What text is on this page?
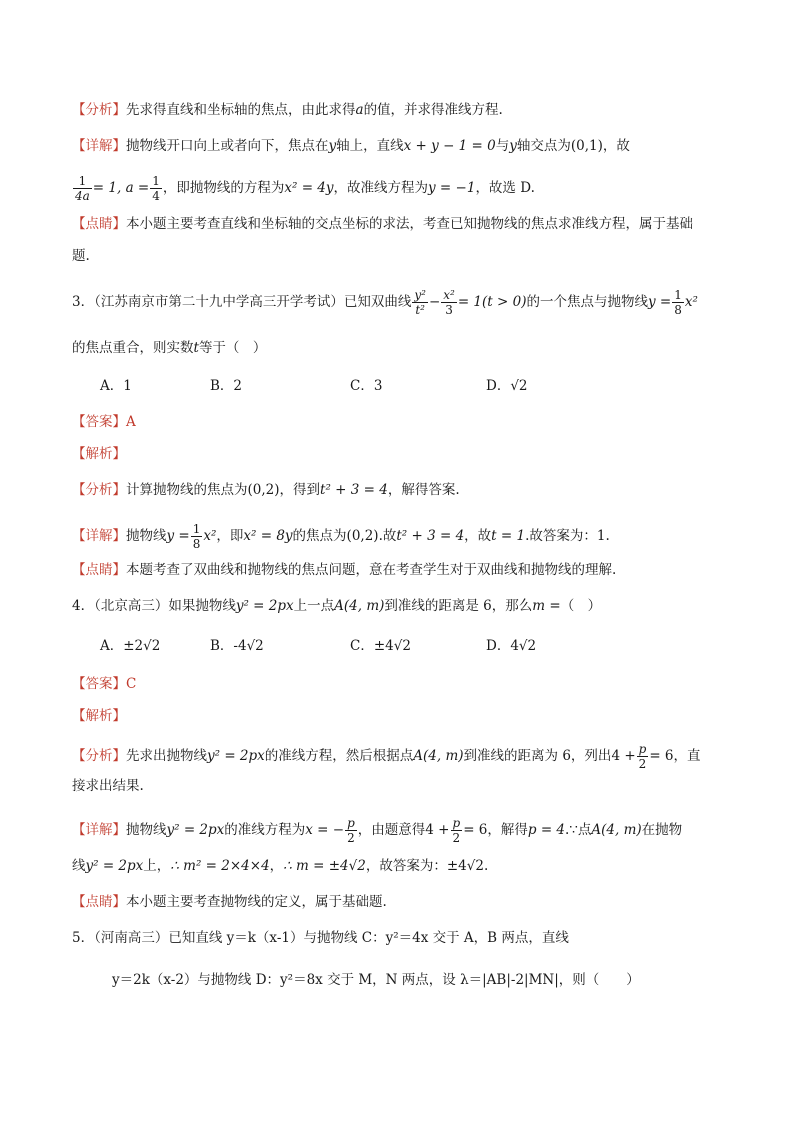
【分析】先求得直线和坐标轴的焦点，由此求得a的值，并求得准线方程.
【详解】抛物线开口向上或者向下，焦点在y轴上，直线x + y − 1 = 0与y轴交点为(0,1)，故
$\frac{1}{4a} = 1$, $a = \frac{1}{4}$ ，即抛物线的方程为x² = 4y，故准线方程为y = −1，故选 D.
【点睛】本小题主要考查直线和坐标轴的交点坐标的求法，考查已知抛物线的焦点求准线方程，属于基础
题.
3．（江苏南京市第二十九中学高三开学考试）已知双曲线 $\frac{\text{y²}}{\text{t²}} - \frac{\text{x²}}{3} = 1(t > 0)$的一个焦点与抛物线$y = \frac{1}{8} x^2$
的焦点重合，则实数t等于（　）
A．1	B．2	C．3	D．√2
【答案】A
【解析】
【分析】计算抛物线的焦点为(0,2)，得到t² + 3 = 4，解得答案.
【详解】抛物线$y = \frac{1}{8} x^2$，即x² = 8y的焦点为(0,2).故t² + 3 = 4，故t = 1.故答案为：1.
【点睛】本题考查了双曲线和抛物线的焦点问题，意在考查学生对于双曲线和抛物线的理解.
4．（北京高三）如果抛物线y² = 2px上一点A(4, m)到准线的距离是 6，那么m =（　）
A．±2√2	B．-4√2	C．±4√2	D．4√2
【答案】C
【解析】
【分析】先求出抛物线y² = 2px的准线方程，然后根据点A(4, m)到准线的距离为 6，列出$4 + \frac{p}{2} = 6$，直
接求出结果.
【详解】抛物线y² = 2px的准线方程为x = − $\frac{p}{2}$ ，由题意得$4 + \frac{p}{2} = 6$，解得p = 4.∵点A(4, m)在抛物
线y² = 2px上，∴ m² = 2×4×4，∴ m = ±4√2，故答案为：±4√2.
【点睛】本小题主要考查抛物线的定义，属于基础题.
5．（河南高三）已知直线 y＝k（x-1）与抛物线 C：y²＝4x 交于 A，B 两点，直线
y＝2k（x-2）与抛物线 D：y²＝8x 交于 M，N 两点，设 λ＝|AB|-2|MN|，则（　　）
